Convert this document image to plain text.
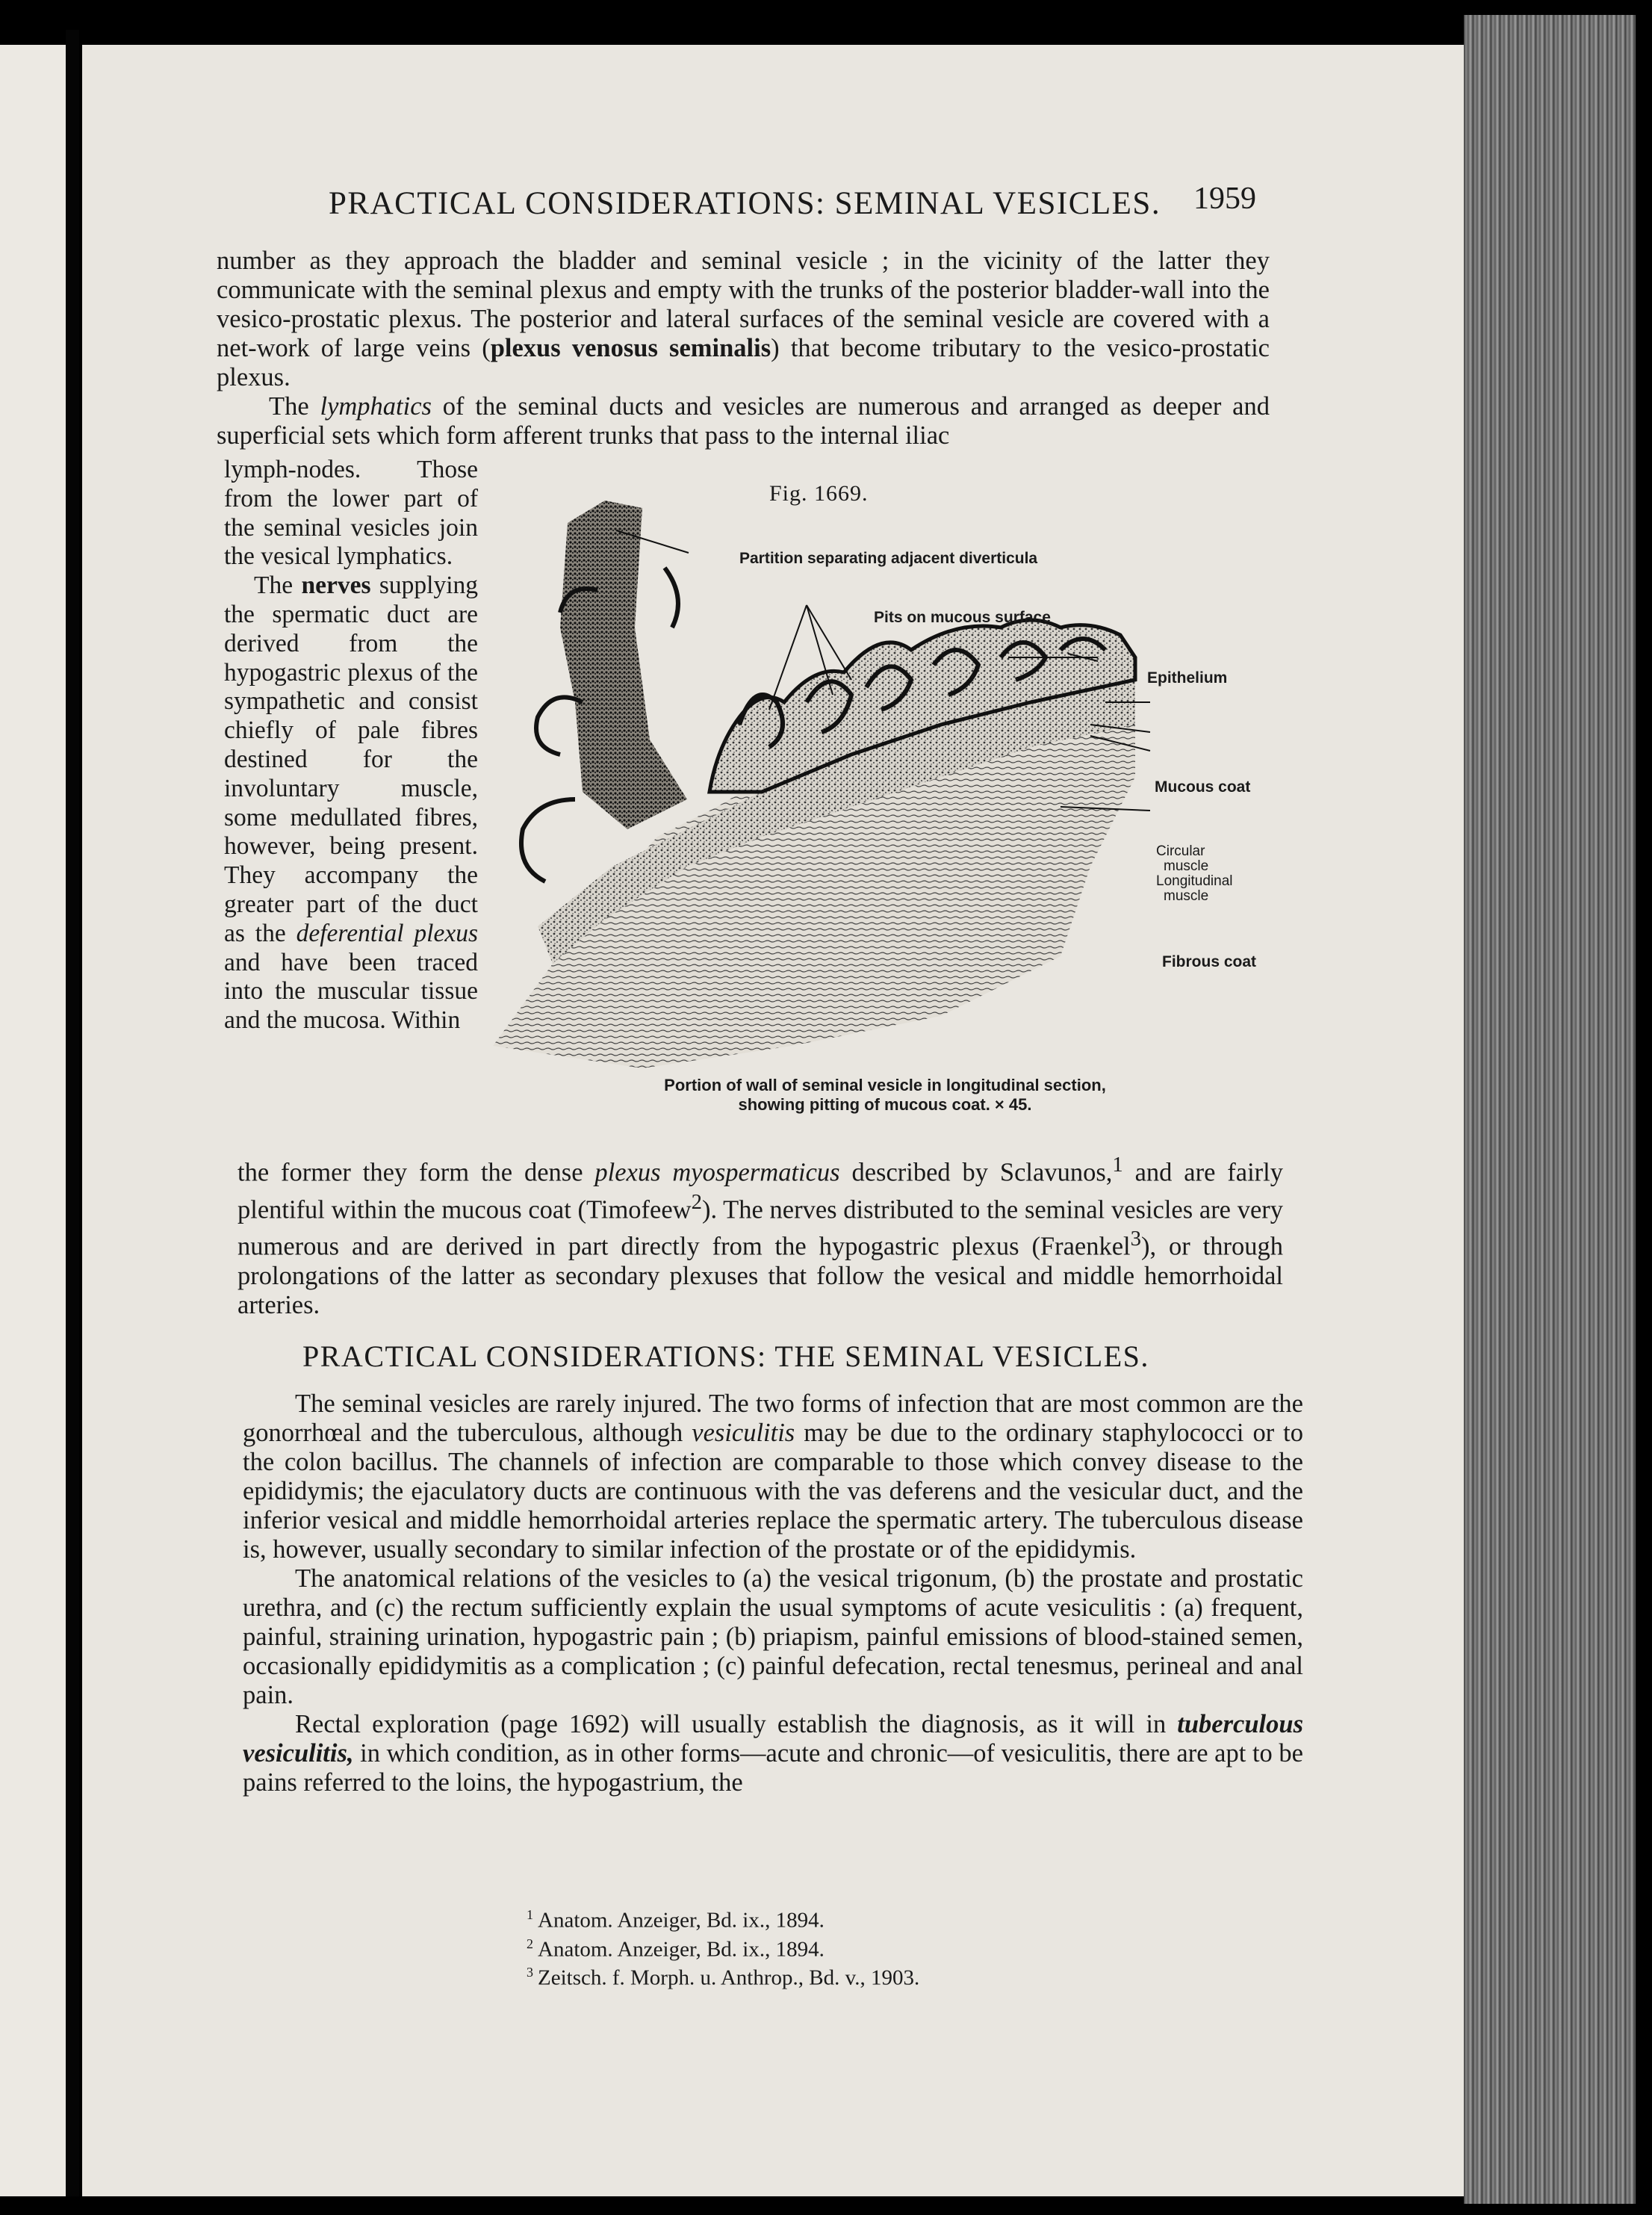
PRACTICAL CONSIDERATIONS: SEMINAL VESICLES.	1959

number as they approach the bladder and seminal vesicle ; in the vicinity of the latter they communicate with the seminal plexus and empty with the trunks of the posterior bladder-wall into the vesico-prostatic plexus. The posterior and lateral surfaces of the seminal vesicle are covered with a net-work of large veins (plexus venosus seminalis) that become tributary to the vesico-prostatic plexus.

The lymphatics of the seminal ducts and vesicles are numerous and arranged as deeper and superficial sets which form afferent trunks that pass to the internal iliac

lymph-nodes. Those from the lower part of the seminal vesicles join the vesical lymphatics.

The nerves supplying the spermatic duct are derived from the hypogastric plexus of the sympathetic and consist chiefly of pale fibres destined for the involuntary muscle, some medullated fibres, however, being present. They accompany the greater part of the duct as the deferential plexus and have been traced into the muscular tissue and the mucosa. Within

Fig. 1669.
Partition separating adjacent diverticula
Pits on mucous surface
Epithelium
Mucous coat
Circular
muscle
Longitudinal
muscle
Fibrous coat
Portion of wall of seminal vesicle in longitudinal section,
showing pitting of mucous coat. × 45.

the former they form the dense plexus myospermaticus described by Sclavunos,$^1$ and are fairly plentiful within the mucous coat (Timofeew$^2$). The nerves distributed to the seminal vesicles are very numerous and are derived in part directly from the hypogastric plexus (Fraenkel$^3$), or through prolongations of the latter as secondary plexuses that follow the vesical and middle hemorrhoidal arteries.

PRACTICAL CONSIDERATIONS: THE SEMINAL VESICLES.

The seminal vesicles are rarely injured. The two forms of infection that are most common are the gonorrhœal and the tuberculous, although vesiculitis may be due to the ordinary staphylococci or to the colon bacillus. The channels of infection are comparable to those which convey disease to the epididymis; the ejaculatory ducts are continuous with the vas deferens and the vesicular duct, and the inferior vesical and middle hemorrhoidal arteries replace the spermatic artery. The tuberculous disease is, however, usually secondary to similar infection of the prostate or of the epididymis.

The anatomical relations of the vesicles to (a) the vesical trigonum, (b) the prostate and prostatic urethra, and (c) the rectum sufficiently explain the usual symptoms of acute vesiculitis : (a) frequent, painful, straining urination, hypogastric pain ; (b) priapism, painful emissions of blood-stained semen, occasionally epididymitis as a complication ; (c) painful defecation, rectal tenesmus, perineal and anal pain.

Rectal exploration (page 1692) will usually establish the diagnosis, as it will in tuberculous vesiculitis, in which condition, as in other forms—acute and chronic—of vesiculitis, there are apt to be pains referred to the loins, the hypogastrium, the

$^1$ Anatom. Anzeiger, Bd. ix., 1894.
$^2$ Anatom. Anzeiger, Bd. ix., 1894.
$^3$ Zeitsch. f. Morph. u. Anthrop., Bd. v., 1903.
